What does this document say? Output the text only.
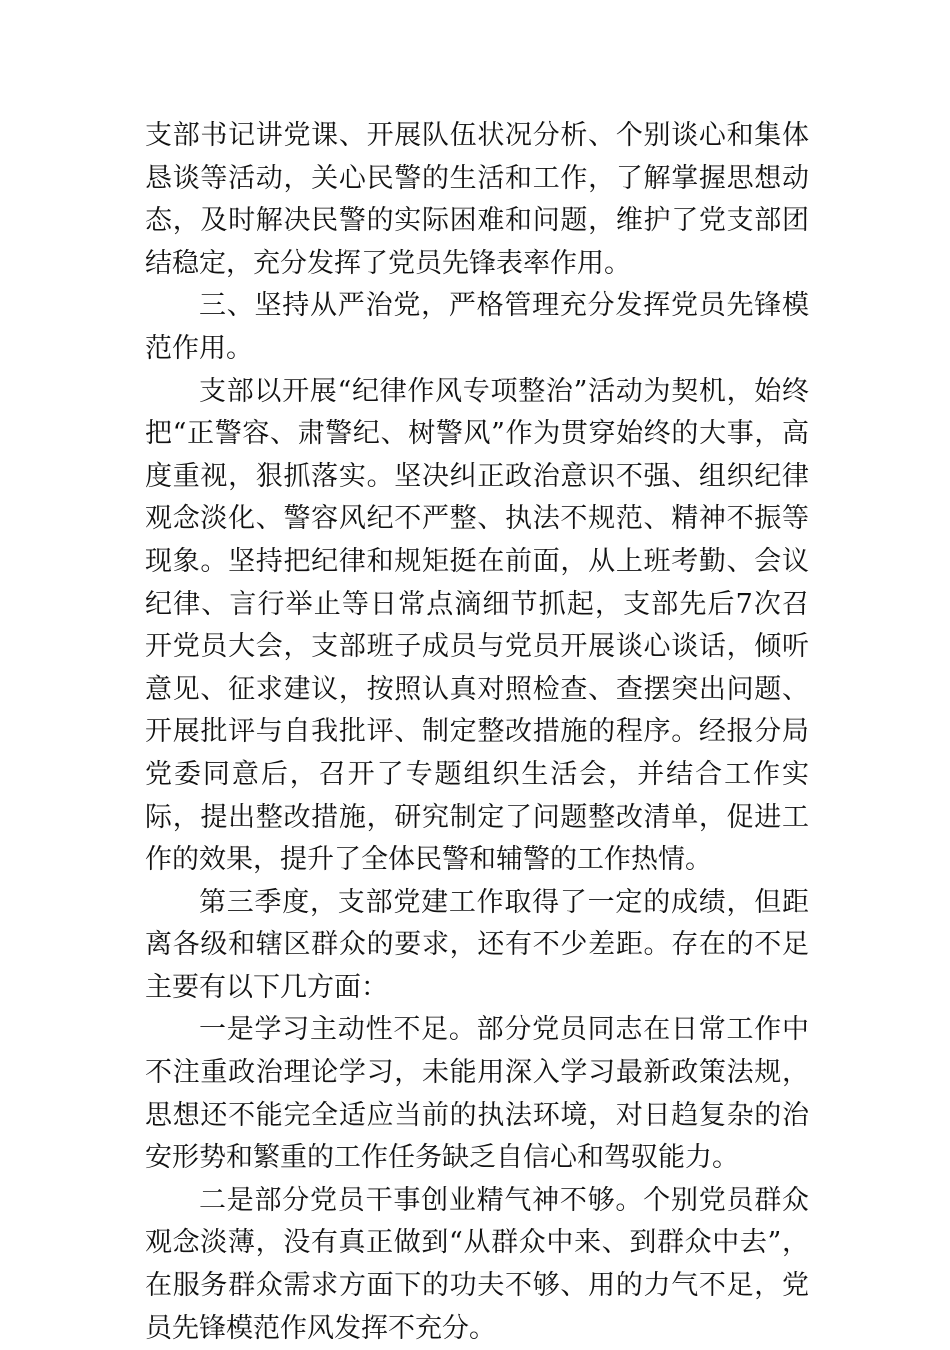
支部书记讲党课、开展队伍状况分析、个别谈心和集体恳谈等活动，关心民警的生活和工作，了解掌握思想动态，及时解决民警的实际困难和问题，维护了党支部团结稳定，充分发挥了党员先锋表率作用。

三、坚持从严治党，严格管理充分发挥党员先锋模范作用。

支部以开展“纪律作风专项整治”活动为契机，始终把“正警容、肃警纪、树警风”作为贯穿始终的大事，高度重视，狠抓落实。坚决纠正政治意识不强、组织纪律观念淡化、警容风纪不严整、执法不规范、精神不振等现象。坚持把纪律和规矩挺在前面，从上班考勤、会议纪律、言行举止等日常点滴细节抓起，支部先后7次召开党员大会，支部班子成员与党员开展谈心谈话，倾听意见、征求建议，按照认真对照检查、查摆突出问题、开展批评与自我批评、制定整改措施的程序。经报分局党委同意后，召开了专题组织生活会，并结合工作实际，提出整改措施，研究制定了问题整改清单，促进工作的效果，提升了全体民警和辅警的工作热情。

第三季度，支部党建工作取得了一定的成绩，但距离各级和辖区群众的要求，还有不少差距。存在的不足主要有以下几方面：

一是学习主动性不足。部分党员同志在日常工作中不注重政治理论学习，未能用深入学习最新政策法规，思想还不能完全适应当前的执法环境，对日趋复杂的治安形势和繁重的工作任务缺乏自信心和驾驭能力。

二是部分党员干事创业精气神不够。个别党员群众观念淡薄，没有真正做到“从群众中来、到群众中去”，在服务群众需求方面下的功夫不够、用的力气不足，党员先锋模范作风发挥不充分。
